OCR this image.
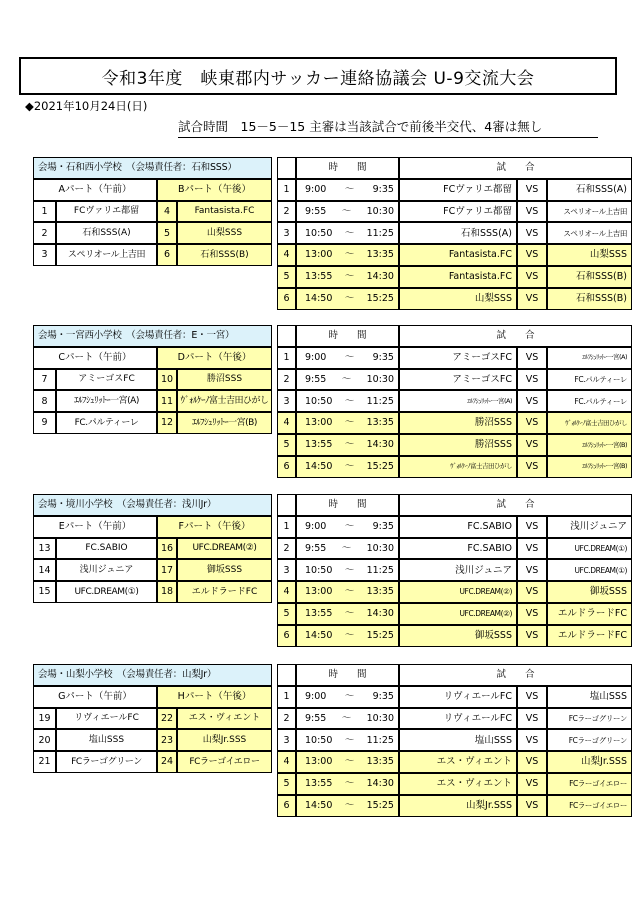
令和3年度　峡東郡内サッカー連絡協議会 U-9交流大会
◆2021年10月24日(日)
試合時間　15－5－15 主審は当該試合で前後半交代、4審は無し
会場・石和西小学校　（会場責任者：石和SSS）	時　　間	試　　合
Aパート（午前）	Bパート（午後）
1	FCヴァリエ都留	4	Fantasista.FC
2	石和SSS(A)	5	山梨SSS
3	スペリオール上吉田	6	石和SSS(B)
1	9:00 ～ 9:35	FCヴァリエ都留	VS	石和SSS(A)
2	9:55 ～ 10:30	FCヴァリエ都留	VS	スペリオール上吉田
3	10:50 ～ 11:25	石和SSS(A)	VS	スペリオール上吉田
4	13:00 ～ 13:35	Fantasista.FC	VS	山梨SSS
5	13:55 ～ 14:30	Fantasista.FC	VS	石和SSS(B)
6	14:50 ～ 15:25	山梨SSS	VS	石和SSS(B)
会場・一宮西小学校　（会場責任者：E・一宮）	時　　間	試　　合
Cパート（午前）	Dパート（午後）
7	アミーゴスFC	10	勝沼SSS
8	ｴﾙﾌｼｭﾘｯﾄｰ一宮(A)	11 ｳﾞｫﾙｹｰﾉ富士吉田ひがし
9	FC.パルティーレ	12	ｴﾙﾌｼｭﾘｯﾄｰ一宮(B)
1	9:00 ～ 9:35	アミーゴスFC	VS	ｴﾙﾌｼｭﾘｯﾄｰ一宮(A)
2	9:55 ～ 10:30	アミーゴスFC	VS	FC.パルティーレ
3	10:50 ～ 11:25	ｴﾙﾌｼｭﾘｯﾄｰ一宮(A)	VS	FC.パルティーレ
4	13:00 ～ 13:35	勝沼SSS	VS	ｳﾞｫﾙｹｰﾉ富士吉田ひがし
5	13:55 ～ 14:30	勝沼SSS	VS	ｴﾙﾌｼｭﾘｯﾄｰ一宮(B)
6	14:50 ～ 15:25	ｳﾞｫﾙｹｰﾉ富士吉田ひがし	VS	ｴﾙﾌｼｭﾘｯﾄｰ一宮(B)
会場・境川小学校　（会場責任者：浅川Jr）	時　　間	試　　合
Eパート（午前）	Fパート（午後）
13	FC.SABIO	16	UFC.DREAM(②)
14	浅川ジュニア	17	御坂SSS
15	UFC.DREAM(①)	18	エルドラードFC
1	9:00 ～ 9:35	FC.SABIO	VS	浅川ジュニア
2	9:55 ～ 10:30	FC.SABIO	VS	UFC.DREAM(①)
3	10:50 ～ 11:25	浅川ジュニア	VS	UFC.DREAM(①)
4	13:00 ～ 13:35	UFC.DREAM(②)	VS	御坂SSS
5	13:55 ～ 14:30	UFC.DREAM(②)	VS	エルドラードFC
6	14:50 ～ 15:25	御坂SSS	VS	エルドラードFC
会場・山梨小学校　（会場責任者：山梨Jr）	時　　間	試　　合
Gパート（午前）	Hパート（午後）
19	リヴィエールFC	22	エス・ヴィエント
20	塩山SSS	23	山梨Jr.SSS
21	FCラーゴグリーン	24	FCラーゴイエロー
1	9:00 ～ 9:35	リヴィエールFC	VS	塩山SSS
2	9:55 ～ 10:30	リヴィエールFC	VS	FCラーゴグリーン
3	10:50 ～ 11:25	塩山SSS	VS	FCラーゴグリーン
4	13:00 ～ 13:35	エス・ヴィエント	VS	山梨Jr.SSS
5	13:55 ～ 14:30	エス・ヴィエント	VS	FCラーゴイエロー
6	14:50 ～ 15:25	山梨Jr.SSS	VS	FCラーゴイエロー
